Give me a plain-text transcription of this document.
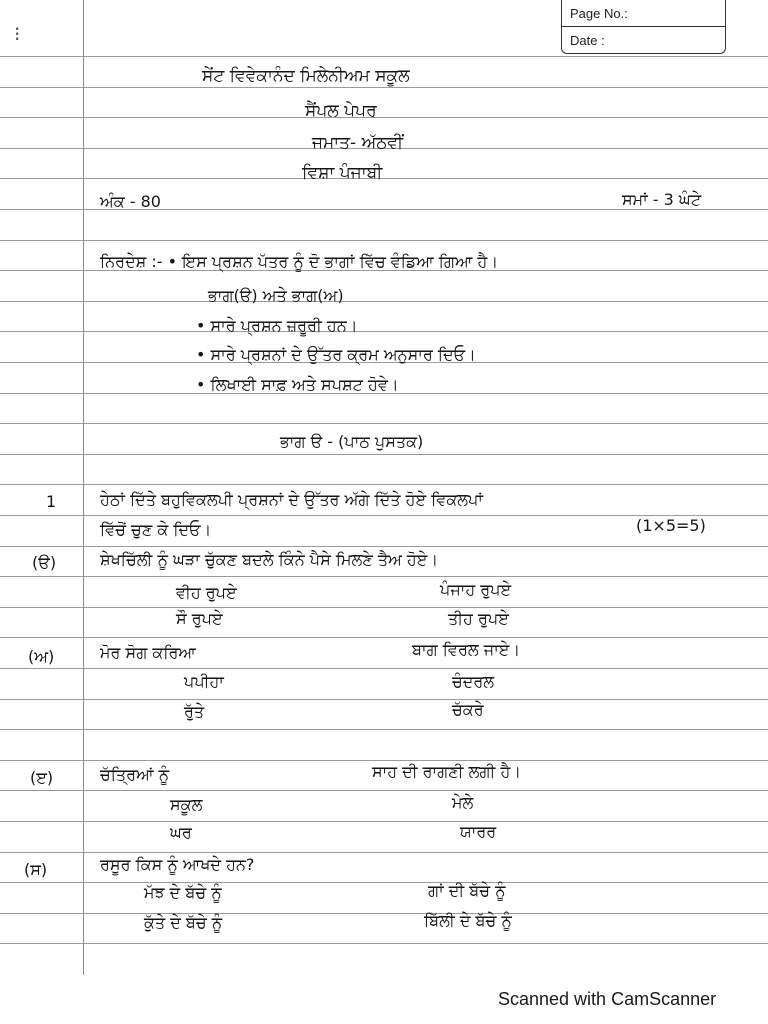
⁝
Page No.:
Date :
ਸੇਂਟ ਵਿਵੇਕਾਨੰਦ ਮਿਲੇਨੀਅਮ ਸਕੂਲ
ਸੈਂਪਲ ਪੇਪਰ
ਜਮਾਤ- ਅੱਠਵੀਂ
ਵਿਸ਼ਾ ਪੰਜਾਬੀ
ਅੰਕ - 80	ਸਮਾਂ - 3 ਘੰਟੇ
ਨਿਰਦੇਸ਼ :- • ਇਸ ਪ੍ਰਸ਼ਨ ਪੱਤਰ ਨੂੰ ਦੋ ਭਾਗਾਂ ਵਿੱਚ ਵੰਡਿਆ ਗਿਆ ਹੈ।
ਭਾਗ(ੳ) ਅਤੇ ਭਾਗ(ਅ)
• ਸਾਰੇ ਪ੍ਰਸ਼ਨ ਜ਼ਰੂਰੀ ਹਨ।
• ਸਾਰੇ ਪ੍ਰਸ਼ਨਾਂ ਦੇ ਉੱਤਰ ਕ੍ਰਮ ਅਨੁਸਾਰ ਦਿਓ।
• ਲਿਖਾਈ ਸਾਫ਼ ਅਤੇ ਸਪਸ਼ਟ ਹੋਵੇ।
ਭਾਗ ੳ - (ਪਾਠ ਪੁਸਤਕ)
1	ਹੇਠਾਂ ਦਿੱਤੇ ਬਹੁਵਿਕਲਪੀ ਪ੍ਰਸ਼ਨਾਂ ਦੇ ਉੱਤਰ ਅੱਗੇ ਦਿੱਤੇ ਹੋਏ ਵਿਕਲਪਾਂ
ਵਿੱਚੋਂ ਚੁਣ ਕੇ ਦਿਓ।	(1×5=5)
(ੳ)	ਸ਼ੇਖਚਿੱਲੀ ਨੂੰ ਘੜਾ ਚੁੱਕਣ ਬਦਲੇ ਕਿੰਨੇ ਪੈਸੇ ਮਿਲਣੇ ਤੈਅ ਹੋਏ।
ਵੀਹ ਰੁਪਏ	ਪੰਜਾਹ ਰੁਪਏ
ਸੌ ਰੁਪਏ	ਤੀਹ ਰੁਪਏ
(ਅ)	ਮੋਰ ਸੋਗ ਕਰਿਆ	ਬਾਗ ਵਿਰਲ ਜਾਏ।
ਪਪੀਹਾ	ਚੰਦਰਲ
ਰੁੱਤੇ	ਚੱਕਰੇ
(ੲ)	ਚੱਤ੍ਰਿਆਂ ਨੂੰ	ਸਾਹ ਦੀ ਰਾਗਣੀ ਲਗੀ ਹੈ।
ਸਕੂਲ	ਮੇਲੇ
ਘਰ	ਯਾਰਰ
(ਸ)	ਰਸੂਰ ਕਿਸ ਨੂੰ ਆਖਦੇ ਹਨ?
ਮੱਝ ਦੇ ਬੱਚੇ ਨੂੰ	ਗਾਂ ਦੀ ਬੱਚੇ ਨੂੰ
ਕੁੱਤੇ ਦੇ ਬੱਚੇ ਨੂੰ	ਬਿੱਲੀ ਦੇ ਬੱਚੇ ਨੂੰ
Scanned with CamScanner
